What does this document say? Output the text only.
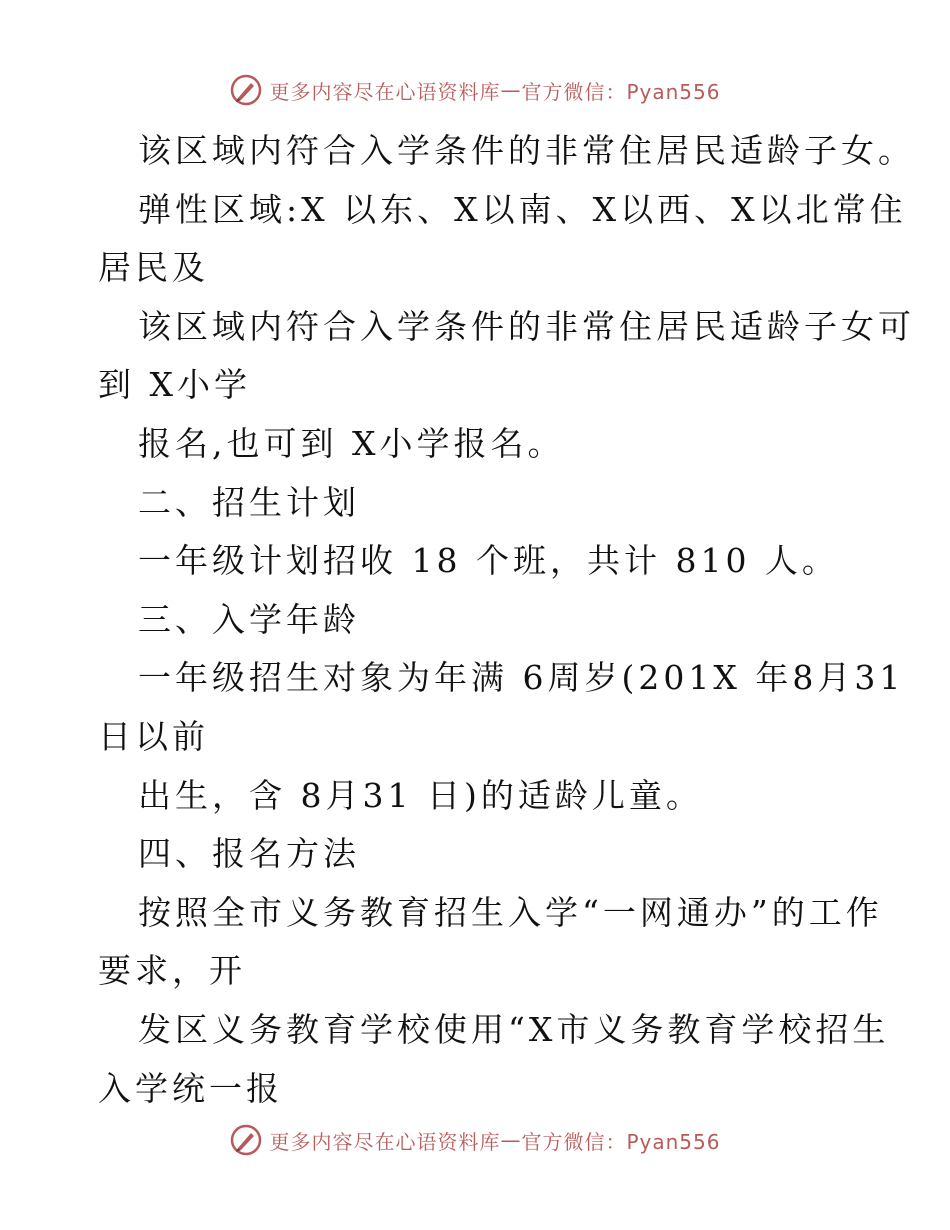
更多内容尽在心语资料库 — 官方微信：Pyan556
该区域内符合入学条件的非常住居民适龄子女。
弹性区域:X 以东、X以南、X以西、X以北常住
居民及
该区域内符合入学条件的非常住居民适龄子女可
到 X小学
报名,也可到 X小学报名。
二、招生计划
一年级计划招收 18 个班，共计 810 人。
三、入学年龄
一年级招生对象为年满 6周岁(201X 年8月31
日以前
出生，含 8月31 日)的适龄儿童。
四、报名方法
按照全市义务教育招生入学“一网通办”的工作
要求，开
发区义务教育学校使用“X市义务教育学校招生
入学统一报
更多内容尽在心语资料库 — 官方微信：Pyan556
